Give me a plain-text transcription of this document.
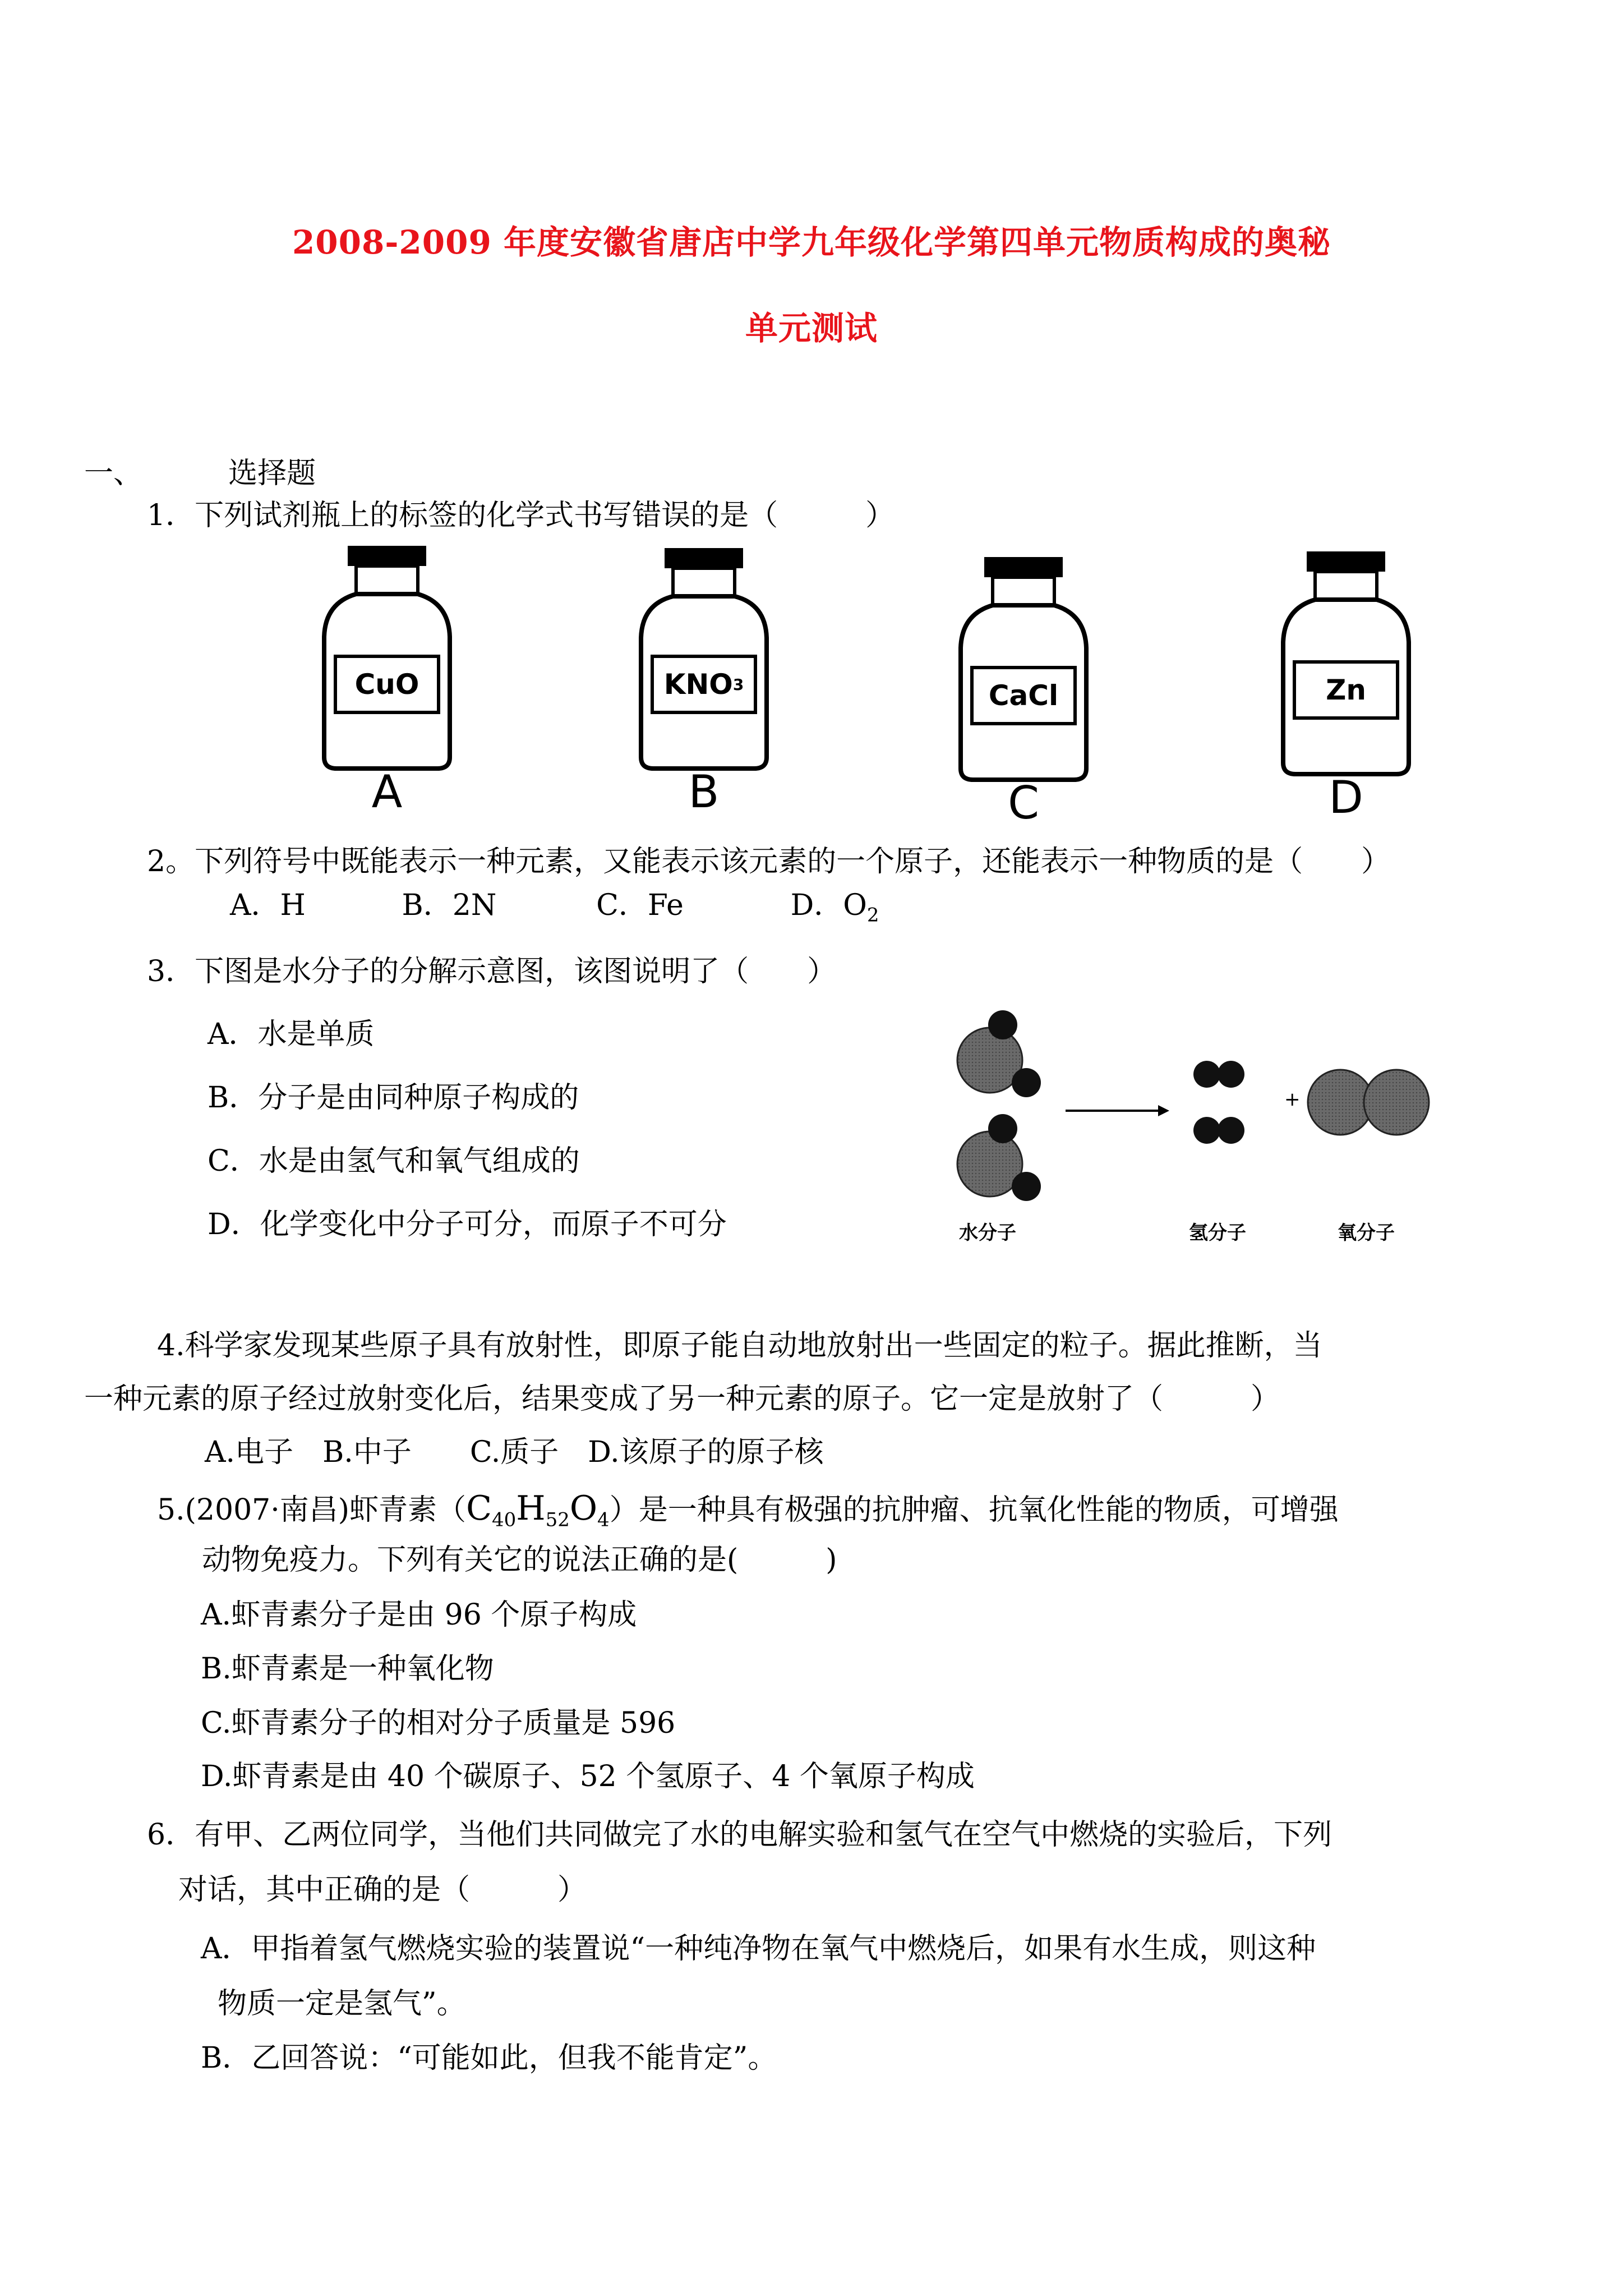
2008-2009 年度安徽省唐店中学九年级化学第四单元物质构成的奥秘
单元测试
一、	选择题
1．下列试剂瓶上的标签的化学式书写错误的是（　　　）
CuO
A
KNO 3
B
CaCl
C
Zn
D
2。下列符号中既能表示一种元素，又能表示该元素的一个原子，还能表示一种物质的是（　　）
A．H	B．2N	C．Fe	D．$O_2$
3．下图是水分子的分解示意图，该图说明了（　　）
A．水是单质
B．分子是由同种原子构成的
C．水是由氢气和氧气组成的
D．化学变化中分子可分，而原子不可分
+
水分子	氢分子	氧分子
4.科学家发现某些原子具有放射性，即原子能自动地放射出一些固定的粒子。据此推断，当
一种元素的原子经过放射变化后，结果变成了另一种元素的原子。它一定是放射了（　　　）
A.电子　B.中子　　C.质子　D.该原子的原子核
5.(2007·南昌)虾青素$(C_{40}H_{52}O_4)$是一种具有极强的抗肿瘤、抗氧化性能的物质，可增强
动物免疫力。下列有关它的说法正确的是(　　　)
A.虾青素分子是由 96 个原子构成
B.虾青素是一种氧化物
C.虾青素分子的相对分子质量是 596
D.虾青素是由 40 个碳原子、52 个氢原子、4 个氧原子构成
6．有甲、乙两位同学，当他们共同做完了水的电解实验和氢气在空气中燃烧的实验后，下列
对话，其中正确的是（　　　）
A．甲指着氢气燃烧实验的装置说“一种纯净物在氧气中燃烧后，如果有水生成，则这种
物质一定是氢气”。
B．乙回答说：“可能如此，但我不能肯定”。
